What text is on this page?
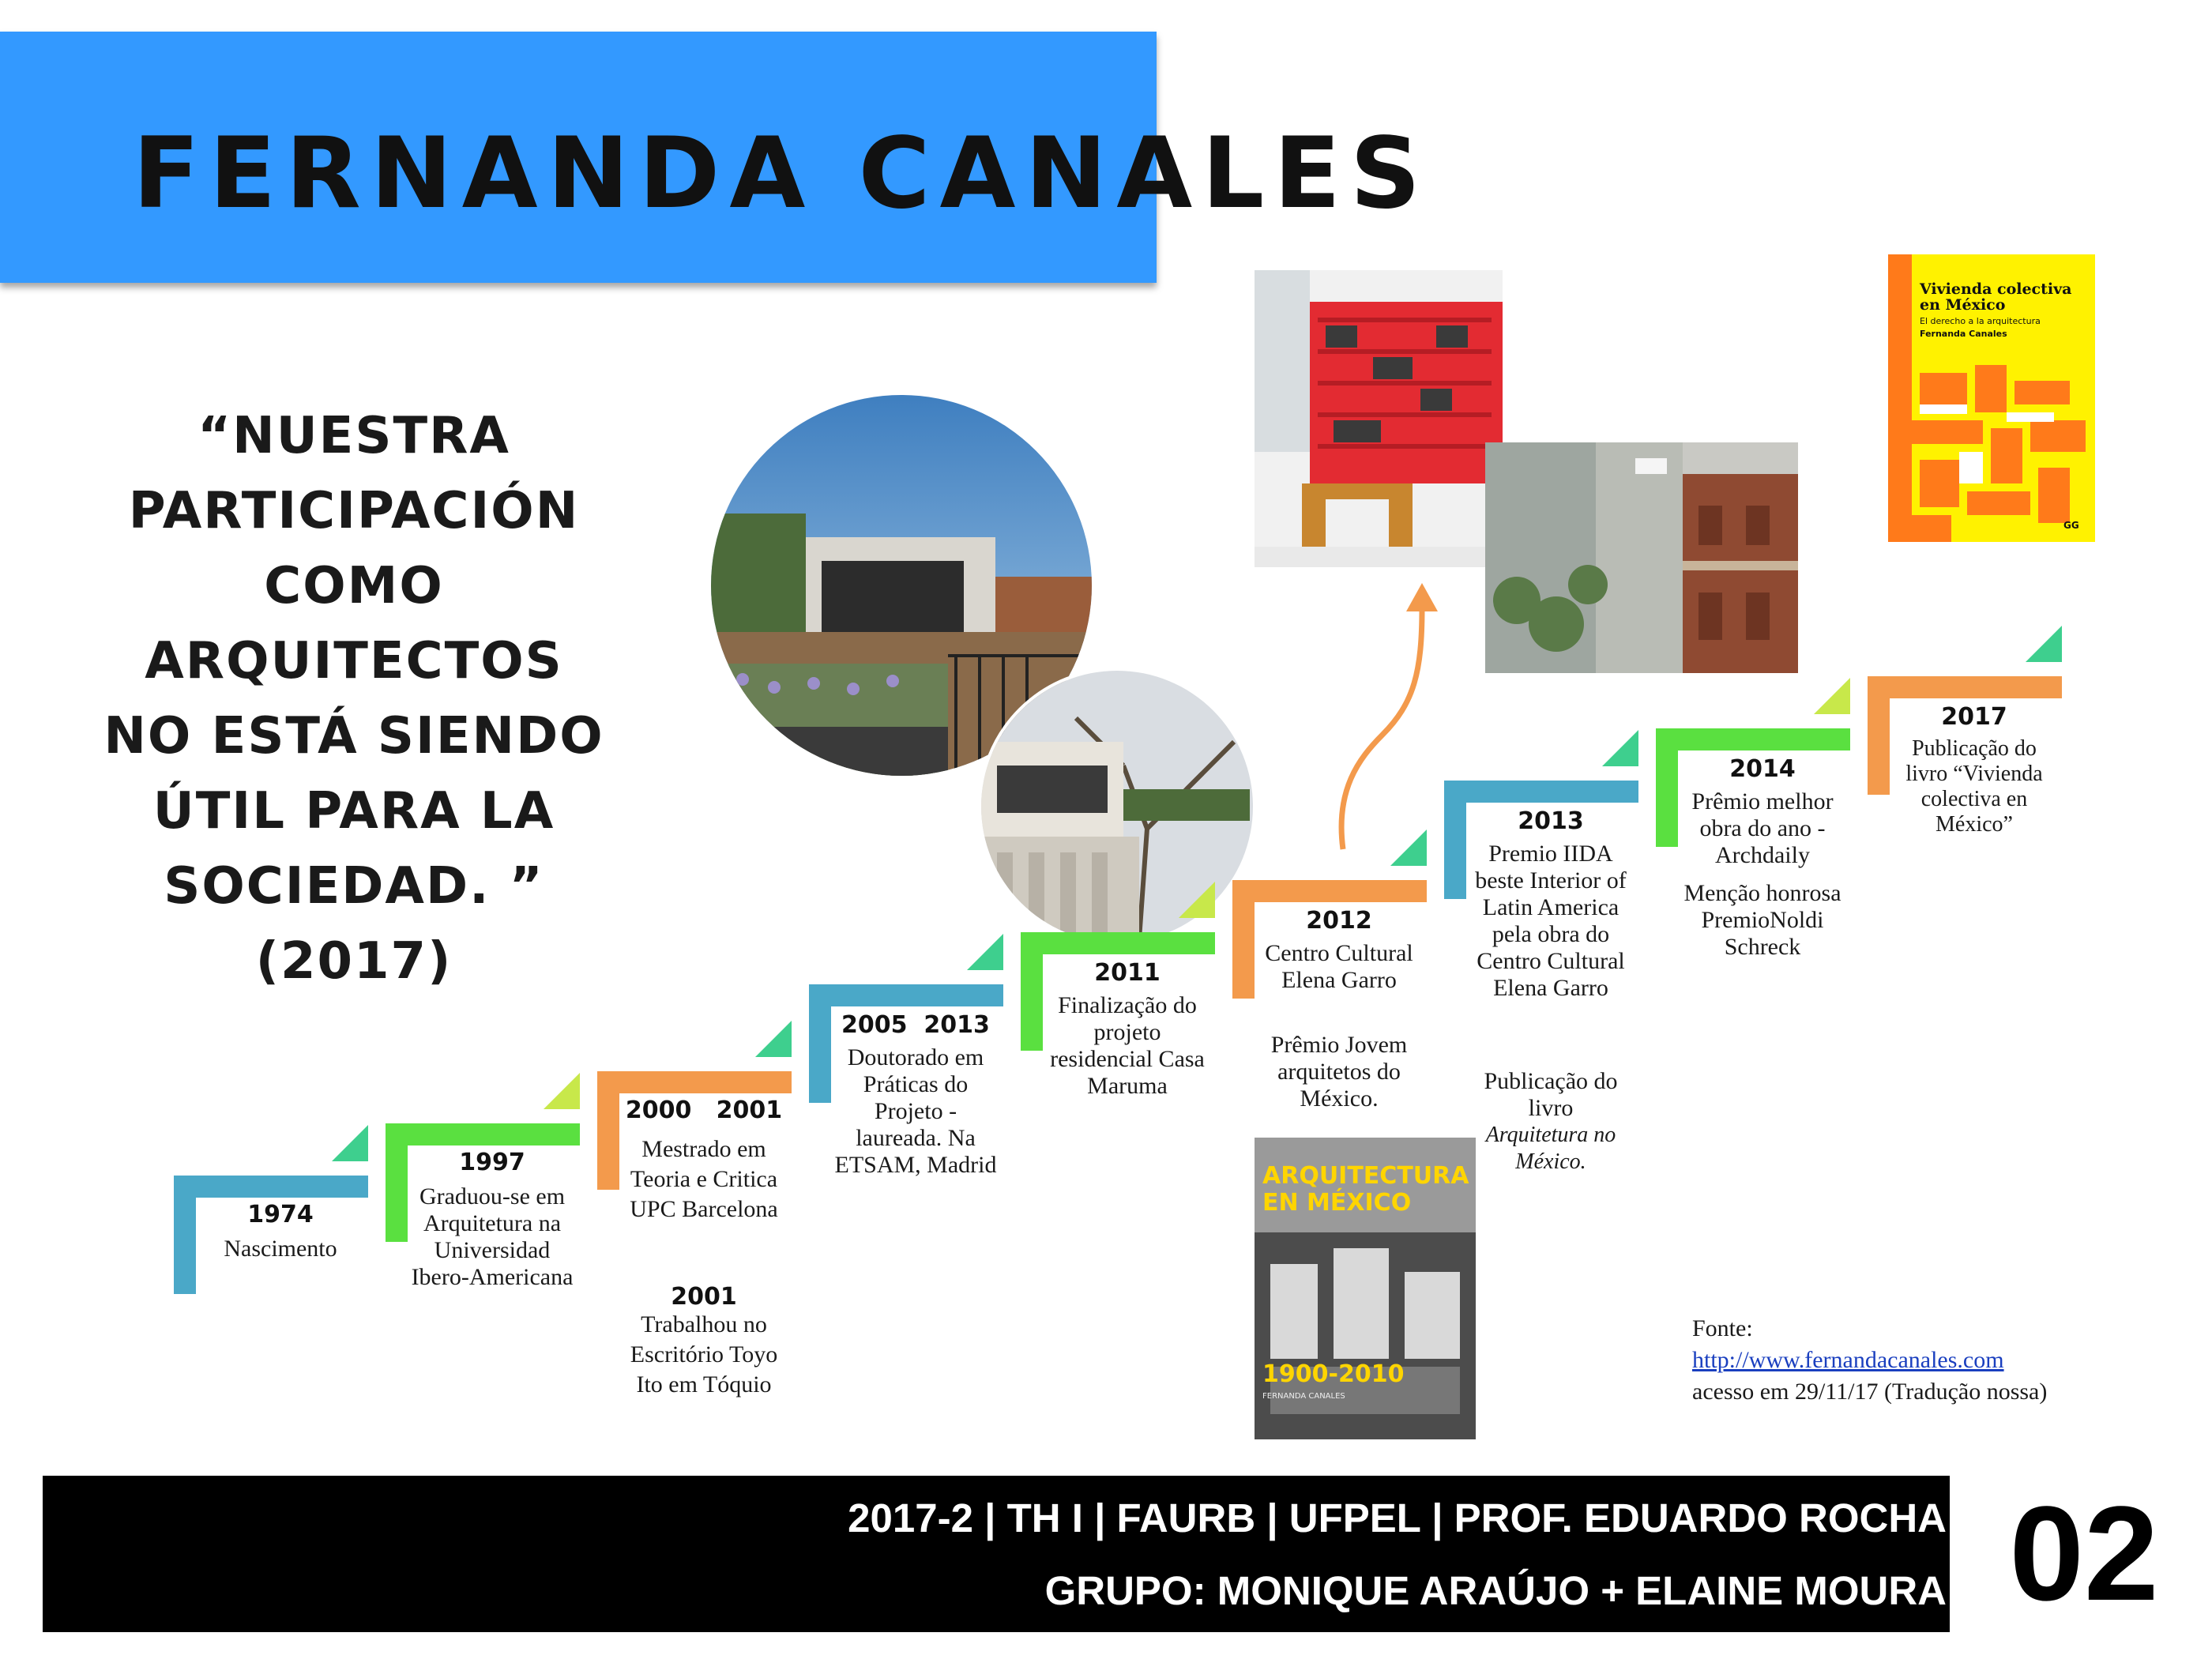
FERNANDA CANALES
“NUESTRA PARTICIPACIÓN COMO ARQUITECTOS NO ESTÁ SIENDO ÚTIL PARA LA SOCIEDAD. ” (2017)
ARQUITECTURA EN MÉXICO
1900-2010
FERNANDA CANALES
Vivienda colectiva en México
El derecho a la arquitectura
Fernanda Canales
GG
1974
Nascimento
1997
Graduou-se em Arquitetura na Universidad Ibero-Americana
2000   2001
Mestrado em Teoria e Critica UPC Barcelona
2001
Trabalhou no Escritório Toyo Ito em Tóquio
2005  2013
Doutorado em Práticas do Projeto - laureada. Na ETSAM, Madrid
2011
Finalização do projeto residencial Casa Maruma
2012
Centro Cultural Elena Garro
Prêmio Jovem arquitetos do México.
2013
Premio IIDA beste Interior of Latin America pela obra do Centro Cultural Elena Garro
Publicação do livro
Arquitetura no México.
2014
Prêmio melhor obra do ano - Archdaily
Menção honrosa PremioNoldi Schreck
2017
Publicação do livro “Vivienda colectiva en México”
Fonte:
http://www.fernandacanales.com
acesso em 29/11/17 (Tradução nossa)
2017-2 | TH I | FAURB | UFPEL | PROF. EDUARDO ROCHA
GRUPO: MONIQUE ARAÚJO + ELAINE MOURA 02
